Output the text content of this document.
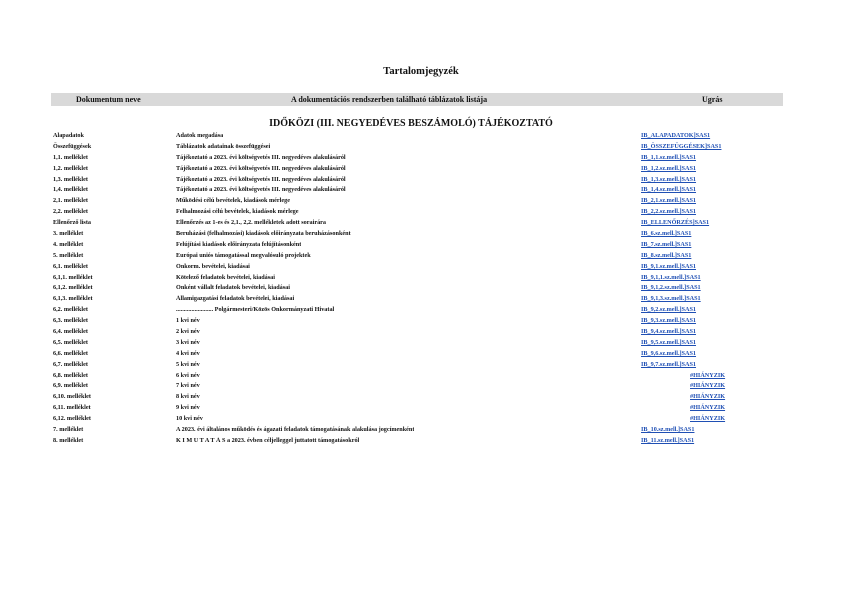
Tartalomjegyzék
Dokumentum neve	A dokumentációs rendszerben található táblázatok listája	Ugrás
IDŐKÖZI (III. NEGYEDÉVES BESZÁMOLÓ) TÁJÉKOZTATÓ
Alapadatok	Adatok megadása	IB_ALAPADATOK]SAS1
Összefüggések	Táblázatok adatainak összefüggései	IB_ÖSSZEFÜGGÉSEK]SAS1
1,1. melléklet	Tájékoztató a 2023. évi költségvetés III. negyedéves alakulásáról	IB_1,1.sz.mell.]SAS1
1,2. melléklet	Tájékoztató a 2023. évi költségvetés III. negyedéves alakulásáról	IB_1,2.sz.mell.]SAS1
1,3. melléklet	Tájékoztató a 2023. évi költségvetés III. negyedéves alakulásáról	IB_1,3.sz.mell.]SAS1
1,4. melléklet	Tájékoztató a 2023. évi költségvetés III. negyedéves alakulásáról	IB_1,4.sz.mell.]SAS1
2,1. melléklet	Működési célú bevételek, kiadások mérlege	IB_2,1.sz.mell.]SAS1
2,2. melléklet	Felhalmozási célú bevételek, kiadások mérlege	IB_2,2.sz.mell.]SAS1
Ellenőrző lista	Ellenőrzés az 1-es és 2,1., 2,2. mellékletek adott sorairára	IB_ELLENŐRZÉS]SAS1
3. melléklet	Beruházási (felhalmozási) kiadások előirányzata beruházásonként	IB_6.sz.mell.]SAS1
4. melléklet	Felújítási kiadások előirányzata felújításonként	IB_7.sz.mell.]SAS1
5. melléklet	Európai uniós támogatással megvalósuló projektek	IB_8.sz.mell.]SAS1
6,1. melléklet	Önkorm. bevételei, kiadásai	IB_9,1.sz.mell.]SAS1
6,1,1. melléklet	Kötelező feladatok bevételei, kiadásai	IB_9,1,1.sz.mell.]SAS1
6,1,2. melléklet	Önként vállalt feladatok bevételei, kiadásai	IB_9,1,2.sz.mell.]SAS1
6,1,3. melléklet	Államigazgatási feladatok bevételei, kiadásai	IB_9,1,3.sz.mell.]SAS1
6,2. melléklet	........................ Polgármesteri/Közös Önkormányzati Hivatal	IB_9,2.sz.mell.]SAS1
6,3. melléklet	1 kvi név	IB_9,3.sz.mell.]SAS1
6,4. melléklet	2 kvi név	IB_9,4.sz.mell.]SAS1
6,5. melléklet	3 kvi név	IB_9,5.sz.mell.]SAS1
6,6. melléklet	4 kvi név	IB_9,6.sz.mell.]SAS1
6,7. melléklet	5 kvi név	IB_9,7.sz.mell.]SAS1
6,8. melléklet	6 kvi név	#HIÁNYZIK
6,9. melléklet	7 kvi név	#HIÁNYZIK
6,10. melléklet	8 kvi név	#HIÁNYZIK
6,11. melléklet	9 kvi név	#HIÁNYZIK
6,12. melléklet	10 kvi név	#HIÁNYZIK
7. melléklet	A 2023. évi általános működés és ágazati feladatok támogatásának alakulása jogcímenként	IB_10.sz.mell.]SAS1
8. melléklet	K I M U T A T Á S a 2023. évben céljelleggel juttatott támogatásokról	IB_11.sz.mell.]SAS1
